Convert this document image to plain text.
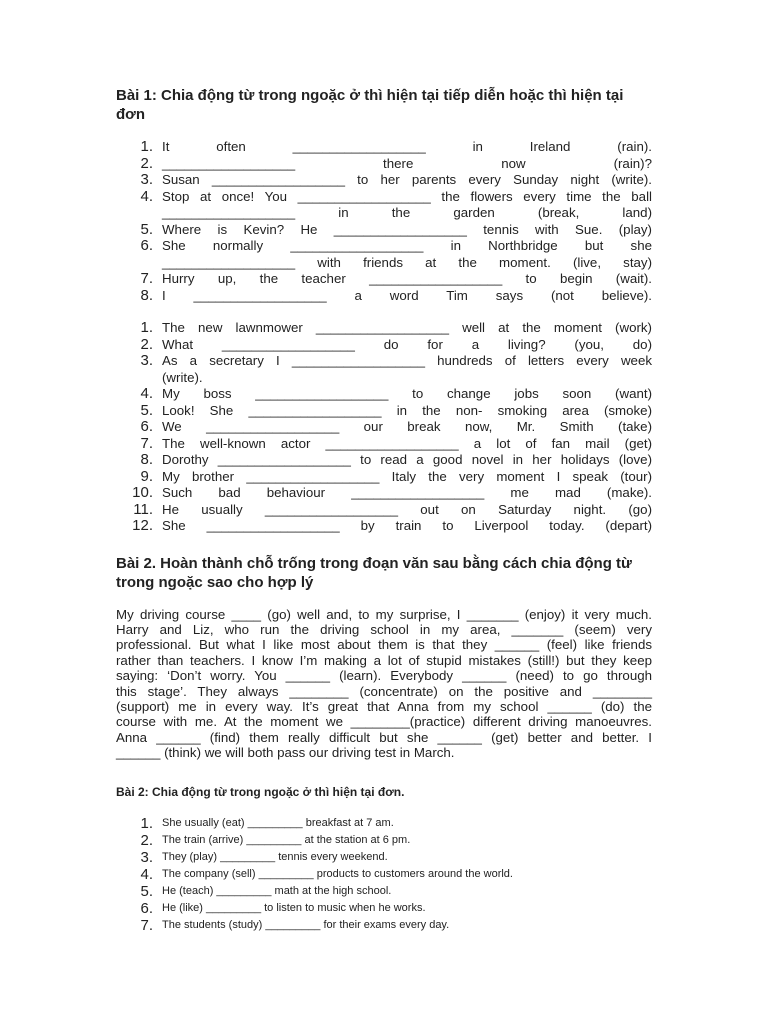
Bài 1: Chia động từ trong ngoặc ở thì hiện tại tiếp diễn hoặc thì hiện tại đơn
1. It often __________________ in Ireland (rain).
2. __________________ there now (rain)?
3. Susan __________________ to her parents every Sunday night (write).
4. Stop at once! You __________________ the flowers every time the ball
__________________ in the garden (break, land)
5. Where is Kevin? He __________________ tennis with Sue. (play)
6. She normally __________________ in Northbridge but she
__________________ with friends at the moment. (live, stay)
7. Hurry up, the teacher __________________ to begin (wait).
8. I __________________ a word Tim says (not believe).
1. The new lawnmower __________________ well at the moment (work)
2. What __________________ do for a living? (you, do)
3. As a secretary I __________________ hundreds of letters every week
(write).
4. My boss __________________ to change jobs soon (want)
5. Look! She __________________ in the non- smoking area (smoke)
6. We __________________ our break now, Mr. Smith (take)
7. The well-known actor __________________ a lot of fan mail (get)
8. Dorothy __________________ to read a good novel in her holidays (love)
9. My brother __________________ Italy the very moment I speak (tour)
10. Such bad behaviour __________________ me mad (make).
11. He usually __________________ out on Saturday night. (go)
12. She __________________ by train to Liverpool today. (depart)
Bài 2. Hoàn thành chỗ trống trong đoạn văn sau bằng cách chia động từ trong ngoặc sao cho hợp lý

My driving course ____ (go) well and, to my surprise, I _______ (enjoy) it very much.
Harry and Liz, who run the driving school in my area, _______ (seem) very
professional. But what I like most about them is that they ______ (feel) like friends
rather than teachers. I know I’m making a lot of stupid mistakes (still!) but they keep
saying: ‘Don’t worry. You ______ (learn). Everybody ______ (need) to go through
this stage’. They always ________ (concentrate) on the positive and ________
(support) me in every way. It’s great that Anna from my school ______ (do) the
course with me. At the moment we ________(practice) different driving manoeuvres.
Anna ______ (find) them really difficult but she ______ (get) better and better. I
______ (think) we will both pass our driving test in March.

Bài 2: Chia động từ trong ngoặc ở thì hiện tại đơn.
1. She usually (eat) _________ breakfast at 7 am.
2. The train (arrive) _________ at the station at 6 pm.
3. They (play) _________ tennis every weekend.
4. The company (sell) _________ products to customers around the world.
5. He (teach) _________ math at the high school.
6. He (like) _________ to listen to music when he works.
7. The students (study) _________ for their exams every day.
